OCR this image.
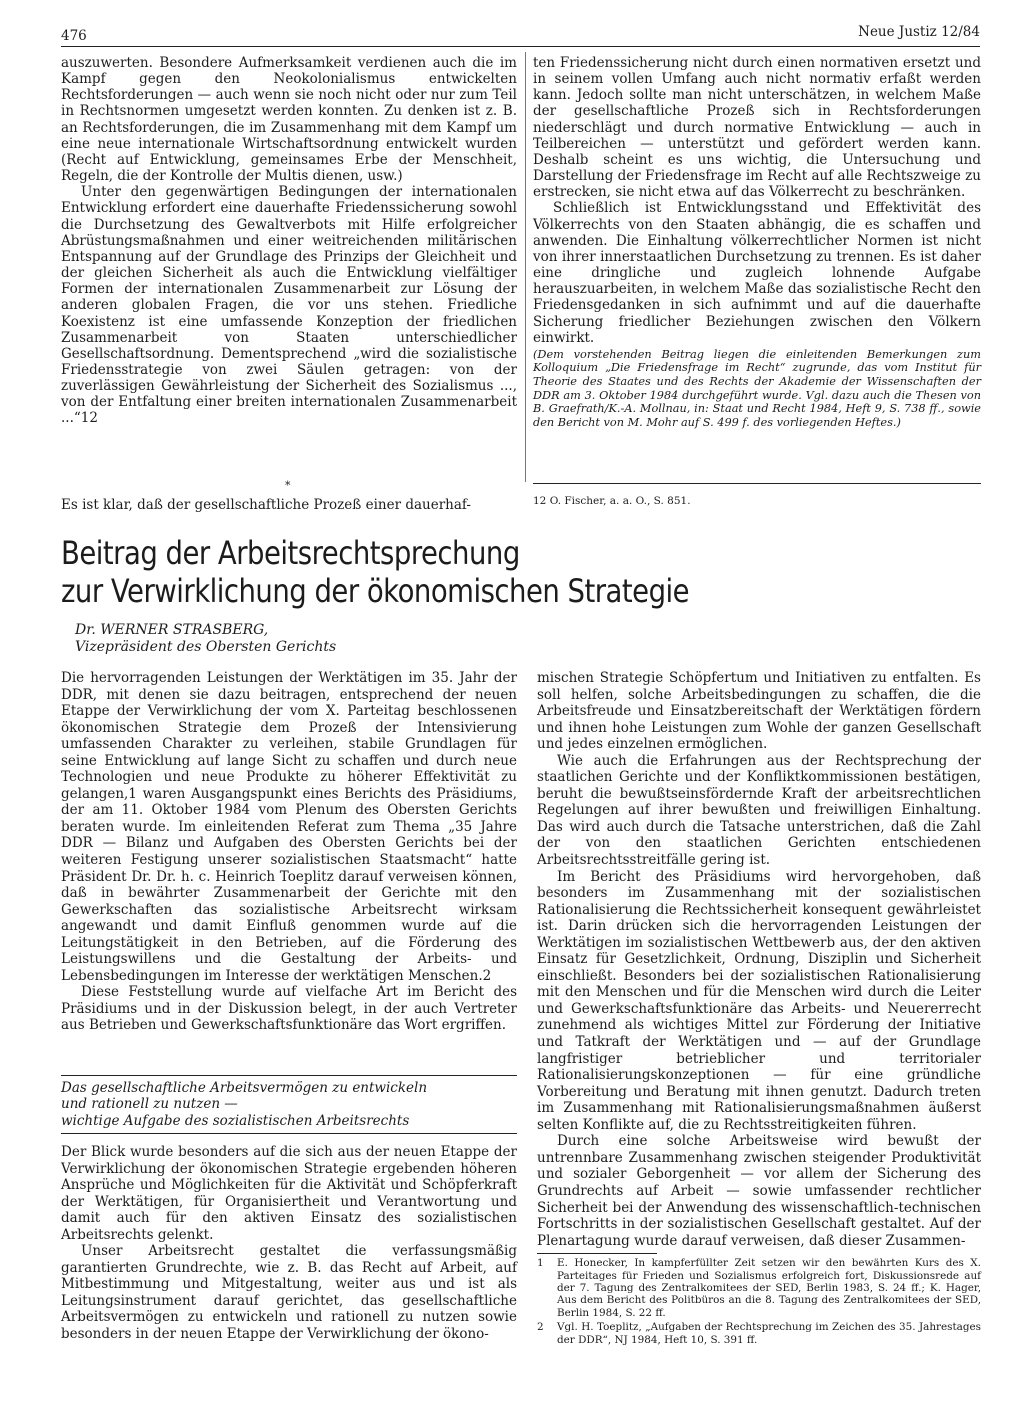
476	Neue Justiz 12/84

auszuwerten. Besondere Aufmerksamkeit verdienen auch die im Kampf gegen den Neokolonialismus entwickelten Rechtsforderungen — auch wenn sie noch nicht oder nur zum Teil in Rechtsnormen umgesetzt werden konnten. Zu denken ist z. B. an Rechtsforderungen, die im Zusammenhang mit dem Kampf um eine neue internationale Wirtschaftsordnung entwickelt wurden (Recht auf Entwicklung, gemeinsames Erbe der Menschheit, Regeln, die der Kontrolle der Multis dienen, usw.)

Unter den gegenwärtigen Bedingungen der internationalen Entwicklung erfordert eine dauerhafte Friedenssicherung sowohl die Durchsetzung des Gewaltverbots mit Hilfe erfolgreicher Abrüstungsmaßnahmen und einer weitreichenden militärischen Entspannung auf der Grundlage des Prinzips der Gleichheit und der gleichen Sicherheit als auch die Entwicklung vielfältiger Formen der internationalen Zusammenarbeit zur Lösung der anderen globalen Fragen, die vor uns stehen. Friedliche Koexistenz ist eine umfassende Konzeption der friedlichen Zusammenarbeit von Staaten unterschiedlicher Gesellschaftsordnung. Dementsprechend „wird die sozialistische Friedensstrategie von zwei Säulen getragen: von der zuverlässigen Gewährleistung der Sicherheit des Sozialismus ..., von der Entfaltung einer breiten internationalen Zusammenarbeit ...“12

*
Es ist klar, daß der gesellschaftliche Prozeß einer dauerhaf-

ten Friedenssicherung nicht durch einen normativen ersetzt und in seinem vollen Umfang auch nicht normativ erfaßt werden kann. Jedoch sollte man nicht unterschätzen, in welchem Maße der gesellschaftliche Prozeß sich in Rechtsforderungen niederschlägt und durch normative Entwicklung — auch in Teilbereichen — unterstützt und gefördert werden kann. Deshalb scheint es uns wichtig, die Untersuchung und Darstellung der Friedensfrage im Recht auf alle Rechtszweige zu erstrecken, sie nicht etwa auf das Völkerrecht zu beschränken.

Schließlich ist Entwicklungsstand und Effektivität des Völkerrechts von den Staaten abhängig, die es schaffen und anwenden. Die Einhaltung völkerrechtlicher Normen ist nicht von ihrer innerstaatlichen Durchsetzung zu trennen. Es ist daher eine dringliche und zugleich lohnende Aufgabe herauszuarbeiten, in welchem Maße das sozialistische Recht den Friedensgedanken in sich aufnimmt und auf die dauerhafte Sicherung friedlicher Beziehungen zwischen den Völkern einwirkt.

(Dem vorstehenden Beitrag liegen die einleitenden Bemerkungen zum Kolloquium „Die Friedensfrage im Recht“ zugrunde, das vom Institut für Theorie des Staates und des Rechts der Akademie der Wissenschaften der DDR am 3. Oktober 1984 durchgeführt wurde. Vgl. dazu auch die Thesen von B. Graefrath/K.-A. Mollnau, in: Staat und Recht 1984, Heft 9, S. 738 ff., sowie den Bericht von M. Mohr auf S. 499 f. des vorliegenden Heftes.)

12 O. Fischer, a. a. O., S. 851.
Beitrag der Arbeitsrechtsprechung
zur Verwirklichung der ökonomischen Strategie
Dr. WERNER STRASBERG,
Vizepräsident des Obersten Gerichts

Die hervorragenden Leistungen der Werktätigen im 35. Jahr der DDR, mit denen sie dazu beitragen, entsprechend der neuen Etappe der Verwirklichung der vom X. Parteitag beschlossenen ökonomischen Strategie dem Prozeß der Intensivierung umfassenden Charakter zu verleihen, stabile Grundlagen für seine Entwicklung auf lange Sicht zu schaffen und durch neue Technologien und neue Produkte zu höherer Effektivität zu gelangen,1 waren Ausgangspunkt eines Berichts des Präsidiums, der am 11. Oktober 1984 vom Plenum des Obersten Gerichts beraten wurde. Im einleitenden Referat zum Thema „35 Jahre DDR — Bilanz und Aufgaben des Obersten Gerichts bei der weiteren Festigung unserer sozialistischen Staatsmacht“ hatte Präsident Dr. Dr. h. c. Heinrich Toeplitz darauf verweisen können, daß in bewährter Zusammenarbeit der Gerichte mit den Gewerkschaften das sozialistische Arbeitsrecht wirksam angewandt und damit Einfluß genommen wurde auf die Leitungstätigkeit in den Betrieben, auf die Förderung des Leistungswillens und die Gestaltung der Arbeits- und Lebensbedingungen im Interesse der werktätigen Menschen.2

Diese Feststellung wurde auf vielfache Art im Bericht des Präsidiums und in der Diskussion belegt, in der auch Vertreter aus Betrieben und Gewerkschaftsfunktionäre das Wort ergriffen.

Das gesellschaftliche Arbeitsvermögen zu entwickeln
und rationell zu nutzen —
wichtige Aufgabe des sozialistischen Arbeitsrechts

Der Blick wurde besonders auf die sich aus der neuen Etappe der Verwirklichung der ökonomischen Strategie ergebenden höheren Ansprüche und Möglichkeiten für die Aktivität und Schöpferkraft der Werktätigen, für Organisiertheit und Verantwortung und damit auch für den aktiven Einsatz des sozialistischen Arbeitsrechts gelenkt.

Unser Arbeitsrecht gestaltet die verfassungsmäßig garantierten Grundrechte, wie z. B. das Recht auf Arbeit, auf Mitbestimmung und Mitgestaltung, weiter aus und ist als Leitungsinstrument darauf gerichtet, das gesellschaftliche Arbeitsvermögen zu entwickeln und rationell zu nutzen sowie besonders in der neuen Etappe der Verwirklichung der ökono-

mischen Strategie Schöpfertum und Initiativen zu entfalten. Es soll helfen, solche Arbeitsbedingungen zu schaffen, die die Arbeitsfreude und Einsatzbereitschaft der Werktätigen fördern und ihnen hohe Leistungen zum Wohle der ganzen Gesellschaft und jedes einzelnen ermöglichen.

Wie auch die Erfahrungen aus der Rechtsprechung der staatlichen Gerichte und der Konfliktkommissionen bestätigen, beruht die bewußtseinsfördernde Kraft der arbeitsrechtlichen Regelungen auf ihrer bewußten und freiwilligen Einhaltung. Das wird auch durch die Tatsache unterstrichen, daß die Zahl der von den staatlichen Gerichten entschiedenen Arbeitsrechtsstreitfälle gering ist.

Im Bericht des Präsidiums wird hervorgehoben, daß besonders im Zusammenhang mit der sozialistischen Rationalisierung die Rechtssicherheit konsequent gewährleistet ist. Darin drücken sich die hervorragenden Leistungen der Werktätigen im sozialistischen Wettbewerb aus, der den aktiven Einsatz für Gesetzlichkeit, Ordnung, Disziplin und Sicherheit einschließt. Besonders bei der sozialistischen Rationalisierung mit den Menschen und für die Menschen wird durch die Leiter und Gewerkschaftsfunktionäre das Arbeits- und Neuererrecht zunehmend als wichtiges Mittel zur Förderung der Initiative und Tatkraft der Werktätigen und — auf der Grundlage langfristiger betrieblicher und territorialer Rationalisierungskonzeptionen — für eine gründliche Vorbereitung und Beratung mit ihnen genutzt. Dadurch treten im Zusammenhang mit Rationalisierungsmaßnahmen äußerst selten Konflikte auf, die zu Rechtsstreitigkeiten führen.

Durch eine solche Arbeitsweise wird bewußt der untrennbare Zusammenhang zwischen steigender Produktivität und sozialer Geborgenheit — vor allem der Sicherung des Grundrechts auf Arbeit — sowie umfassender rechtlicher Sicherheit bei der Anwendung des wissenschaftlich-technischen Fortschritts in der sozialistischen Gesellschaft gestaltet. Auf der Plenartagung wurde darauf verweisen, daß dieser Zusammen-

1	E. Honecker, In kampferfüllter Zeit setzen wir den bewährten Kurs des X. Parteitages für Frieden und Sozialismus erfolgreich fort, Diskussionsrede auf der 7. Tagung des Zentralkomitees der SED, Berlin 1983, S. 24 ff.; K. Hager, Aus dem Bericht des Politbüros an die 8. Tagung des Zentralkomitees der SED, Berlin 1984, S. 22 ff.
2	Vgl. H. Toeplitz, „Aufgaben der Rechtsprechung im Zeichen des 35. Jahrestages der DDR“, NJ 1984, Heft 10, S. 391 ff.
